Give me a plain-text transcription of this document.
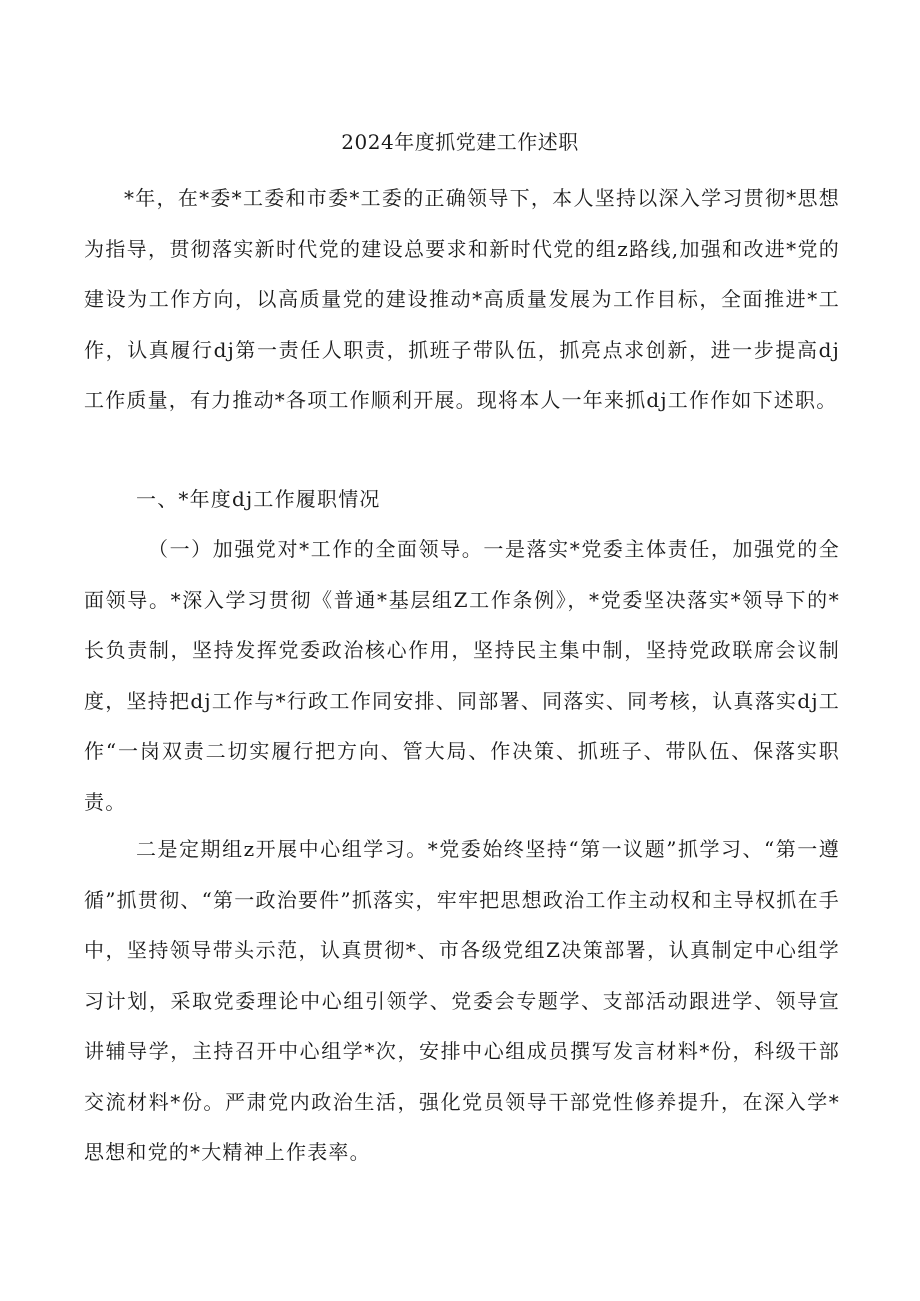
2024年度抓党建工作述职

*年，在*委*工委和市委*工委的正确领导下，本人坚持以深入学习贯彻*思想为指导，贯彻落实新时代党的建设总要求和新时代党的组z路线,加强和改进*党的建设为工作方向，以高质量党的建设推动*高质量发展为工作目标，全面推进*工作，认真履行dj第一责任人职责，抓班子带队伍，抓亮点求创新，进一步提高dj工作质量，有力推动*各项工作顺利开展。现将本人一年来抓dj工作作如下述职。

一、*年度dj工作履职情况

（一）加强党对*工作的全面领导。一是落实*党委主体责任，加强党的全面领导。*深入学习贯彻《普通*基层组Z工作条例》，*党委坚决落实*领导下的*长负责制，坚持发挥党委政治核心作用，坚持民主集中制，坚持党政联席会议制度，坚持把dj工作与*行政工作同安排、同部署、同落实、同考核，认真落实dj工作“一岗双责二切实履行把方向、管大局、作决策、抓班子、带队伍、保落实职责。

二是定期组z开展中心组学习。*党委始终坚持“第一议题”抓学习、“第一遵循”抓贯彻、“第一政治要件”抓落实，牢牢把思想政治工作主动权和主导权抓在手中，坚持领导带头示范，认真贯彻*、市各级党组Z决策部署，认真制定中心组学习计划，采取党委理论中心组引领学、党委会专题学、支部活动跟进学、领导宣讲辅导学，主持召开中心组学*次，安排中心组成员撰写发言材料*份，科级干部交流材料*份。严肃党内政治生活，强化党员领导干部党性修养提升，在深入学*思想和党的*大精神上作表率。
